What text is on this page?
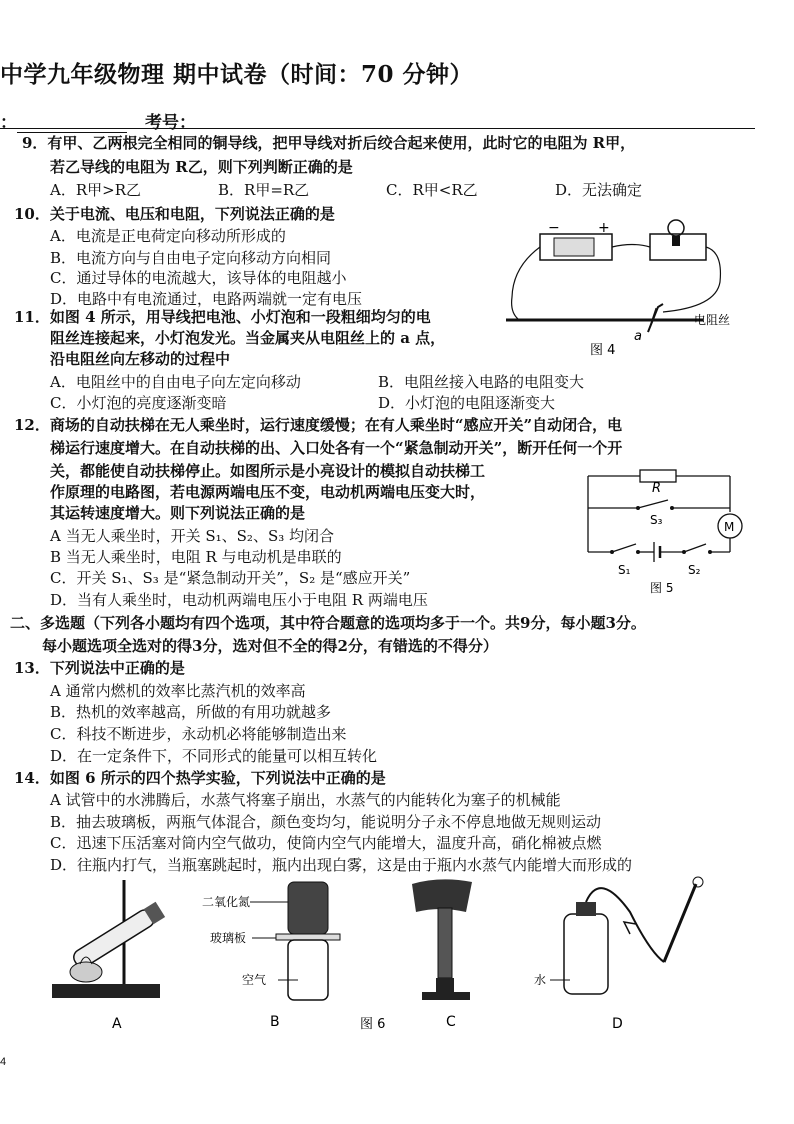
中学九年级物理 期中试卷（时间：70 分钟）
：	考号：
9．有甲、乙两根完全相同的铜导线，把甲导线对折后绞合起来使用，此时它的电阻为 R甲，
若乙导线的电阻为 R乙，则下列判断正确的是
A．R甲>R乙	B．R甲=R乙	C．R甲<R乙	D．无法确定
10．关于电流、电压和电阻，下列说法正确的是
A．电流是正电荷定向移动所形成的
B．电流方向与自由电子定向移动方向相同
C．通过导体的电流越大，该导体的电阻越小
D．电路中有电流通过，电路两端就一定有电压
−	+
电阻丝
a
图 4
11．如图 4 所示，用导线把电池、小灯泡和一段粗细均匀的电
阻丝连接起来，小灯泡发光。当金属夹从电阻丝上的 a 点，
沿电阻丝向左移动的过程中
A．电阻丝中的自由电子向左定向移动	B．电阻丝接入电路的电阻变大
C．小灯泡的亮度逐渐变暗	D．小灯泡的电阻逐渐变大
12．商场的自动扶梯在无人乘坐时，运行速度缓慢；在有人乘坐时“感应开关”自动闭合，电
梯运行速度增大。在自动扶梯的出、入口处各有一个“紧急制动开关”，断开任何一个开
关，都能使自动扶梯停止。如图所示是小亮设计的模拟自动扶梯工
作原理的电路图，若电源两端电压不变，电动机两端电压变大时，
其运转速度增大。则下列说法正确的是
A 当无人乘坐时，开关 S₁、S₂、S₃ 均闭合
B 当无人乘坐时，电阻 R 与电动机是串联的
C．开关 S₁、S₃ 是“紧急制动开关”，S₂ 是“感应开关”
D．当有人乘坐时，电动机两端电压小于电阻 R 两端电压
M
R
S₃
S₁	S₂
图 5
二、多选题（下列各小题均有四个选项，其中符合题意的选项均多于一个。共9分，每小题3分。
每小题选项全选对的得3分，选对但不全的得2分，有错选的不得分）
13．下列说法中正确的是
A 通常内燃机的效率比蒸汽机的效率高
B．热机的效率越高，所做的有用功就越多
C．科技不断进步，永动机必将能够制造出来
D．在一定条件下，不同形式的能量可以相互转化
14．如图 6 所示的四个热学实验，下列说法中正确的是
A 试管中的水沸腾后，水蒸气将塞子崩出，水蒸气的内能转化为塞子的机械能
B．抽去玻璃板，两瓶气体混合，颜色变均匀，能说明分子永不停息地做无规则运动
C．迅速下压活塞对筒内空气做功，使筒内空气内能增大，温度升高，硝化棉被点燃
D．往瓶内打气，当瓶塞跳起时，瓶内出现白雾，这是由于瓶内水蒸气内能增大而形成的
二氧化氮
玻璃板
空气	水
A	B	图 6	C	D
4
